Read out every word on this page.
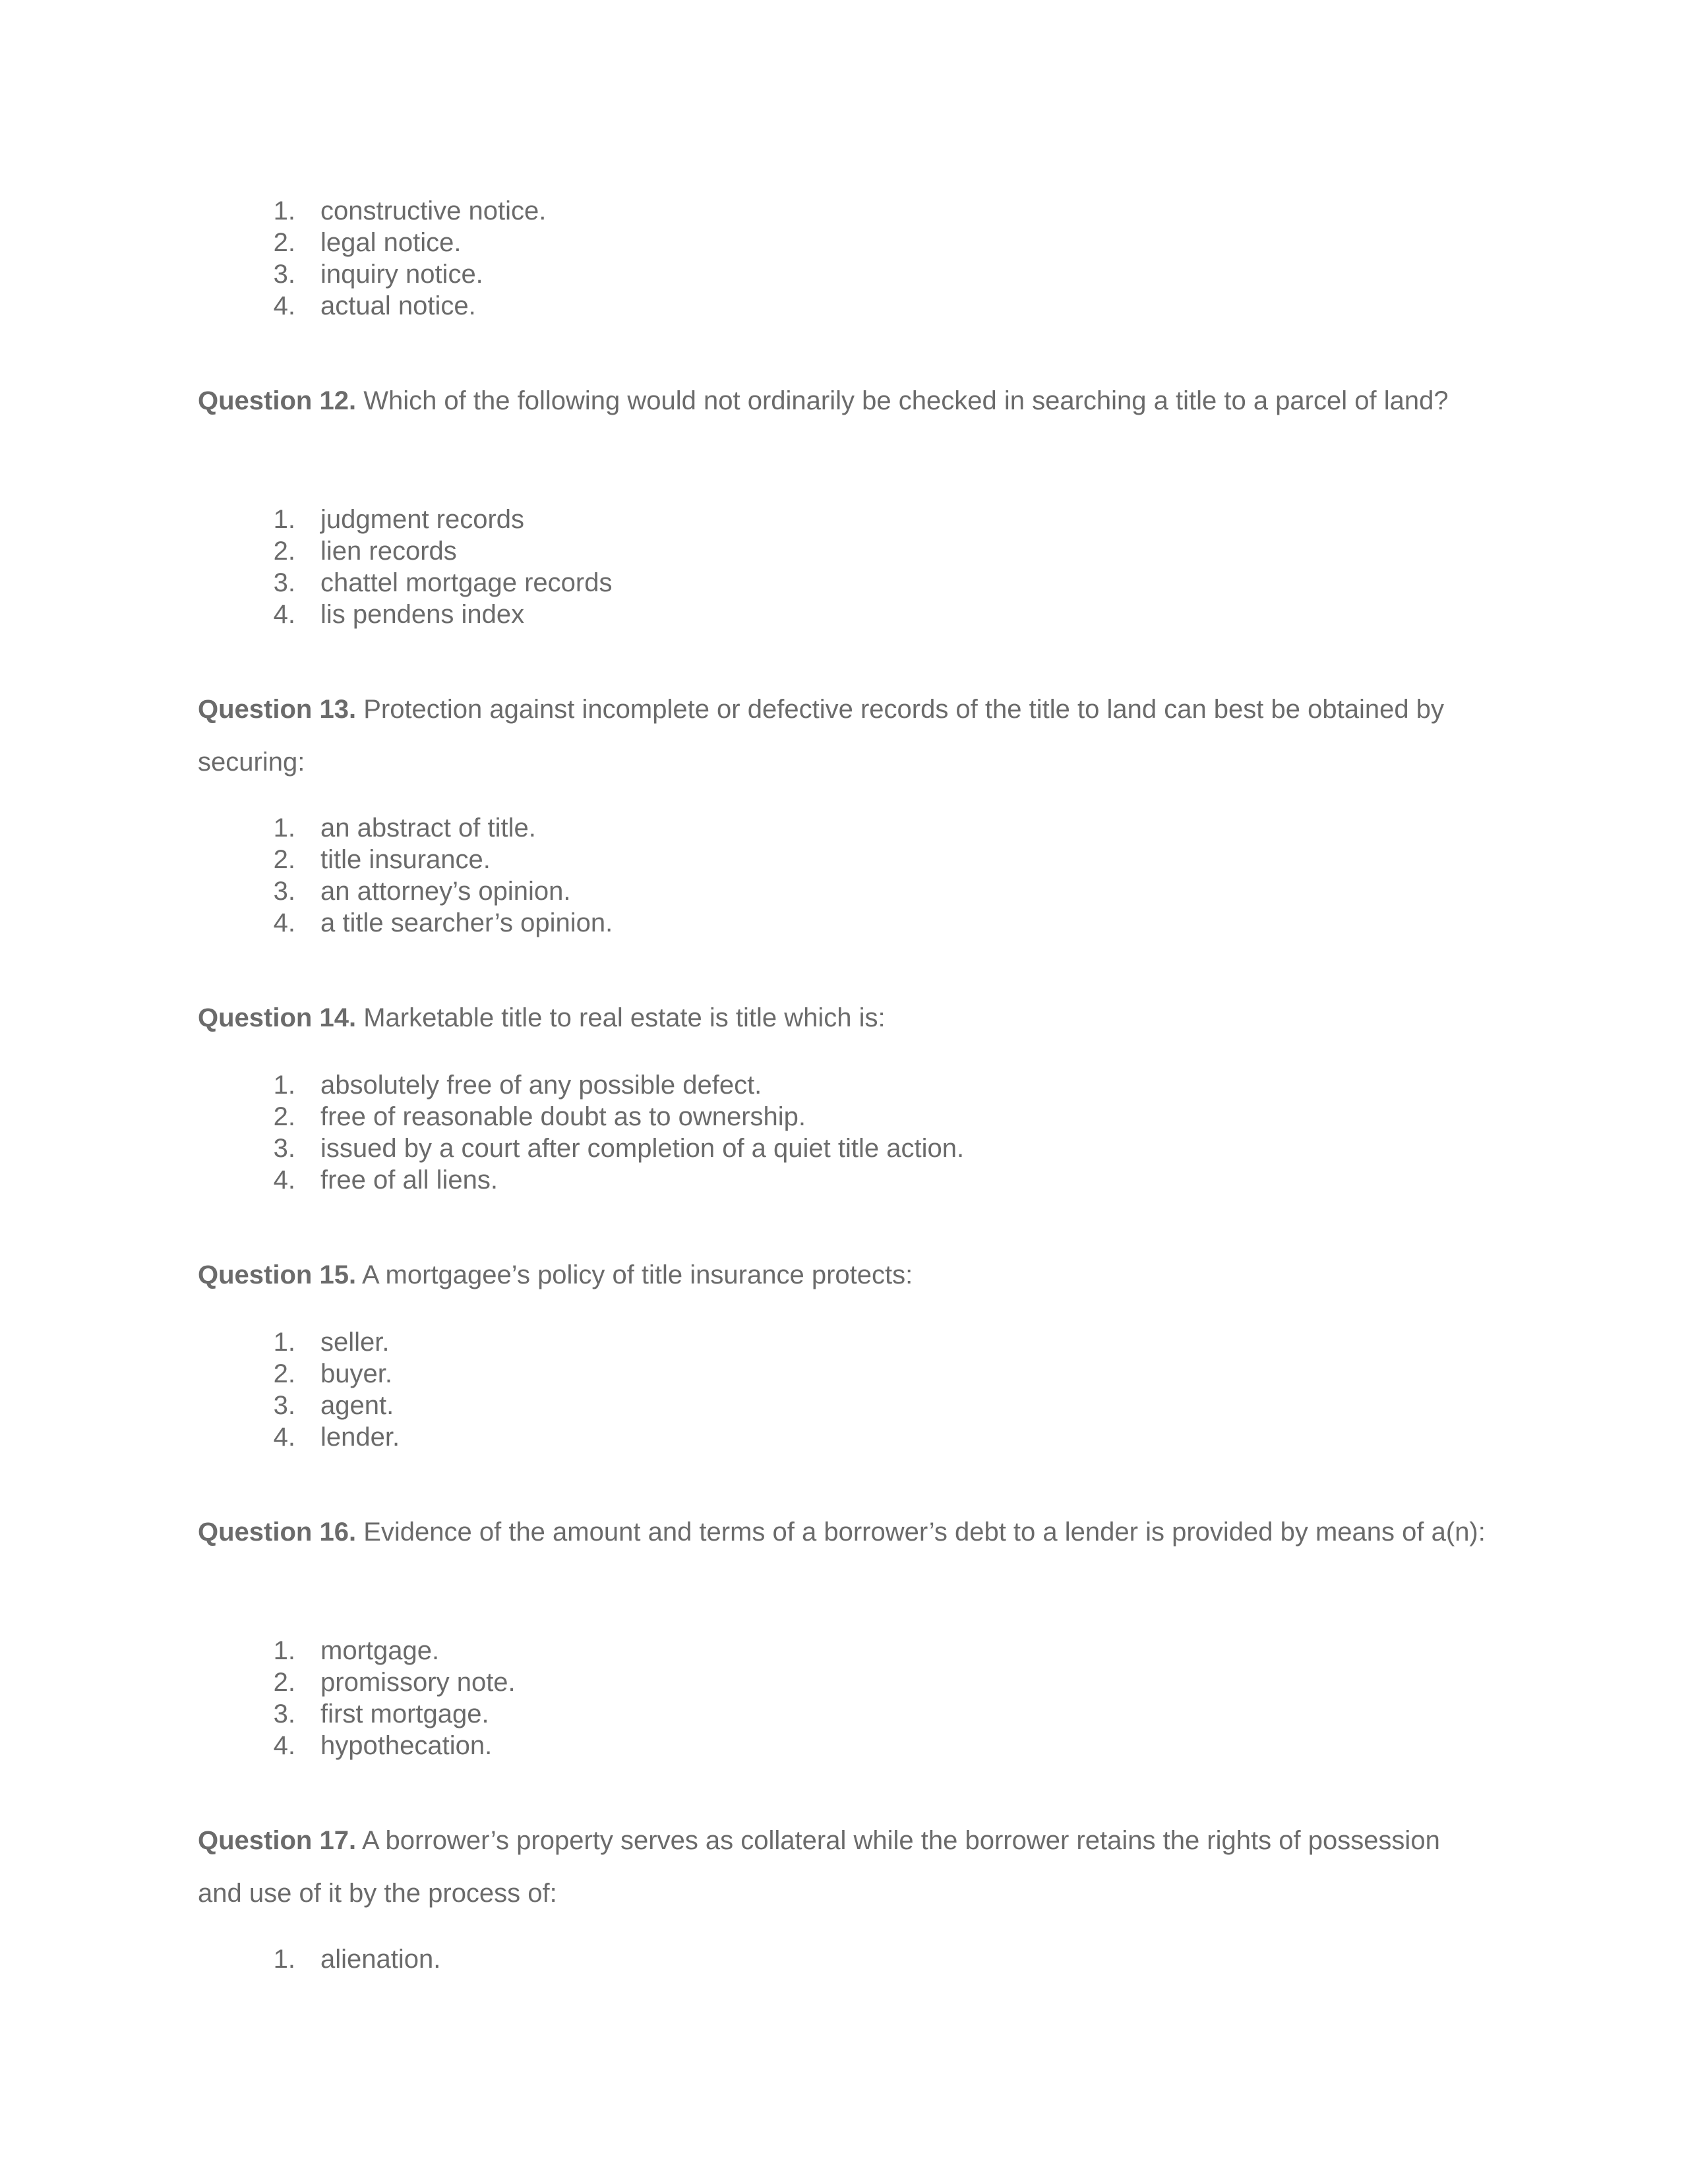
1. constructive notice.
2. legal notice.
3. inquiry notice.
4. actual notice.

Question 12. Which of the following would not ordinarily be checked in searching a title to a parcel of land?

1. judgment records
2. lien records
3. chattel mortgage records
4. lis pendens index

Question 13. Protection against incomplete or defective records of the title to land can best be obtained by securing:

1. an abstract of title.
2. title insurance.
3. an attorney’s opinion.
4. a title searcher’s opinion.

Question 14. Marketable title to real estate is title which is:

1. absolutely free of any possible defect.
2. free of reasonable doubt as to ownership.
3. issued by a court after completion of a quiet title action.
4. free of all liens.

Question 15. A mortgagee’s policy of title insurance protects:

1. seller.
2. buyer.
3. agent.
4. lender.

Question 16. Evidence of the amount and terms of a borrower’s debt to a lender is provided by means of a(n):

1. mortgage.
2. promissory note.
3. first mortgage.
4. hypothecation.

Question 17. A borrower’s property serves as collateral while the borrower retains the rights of possession and use of it by the process of:

1. alienation.
